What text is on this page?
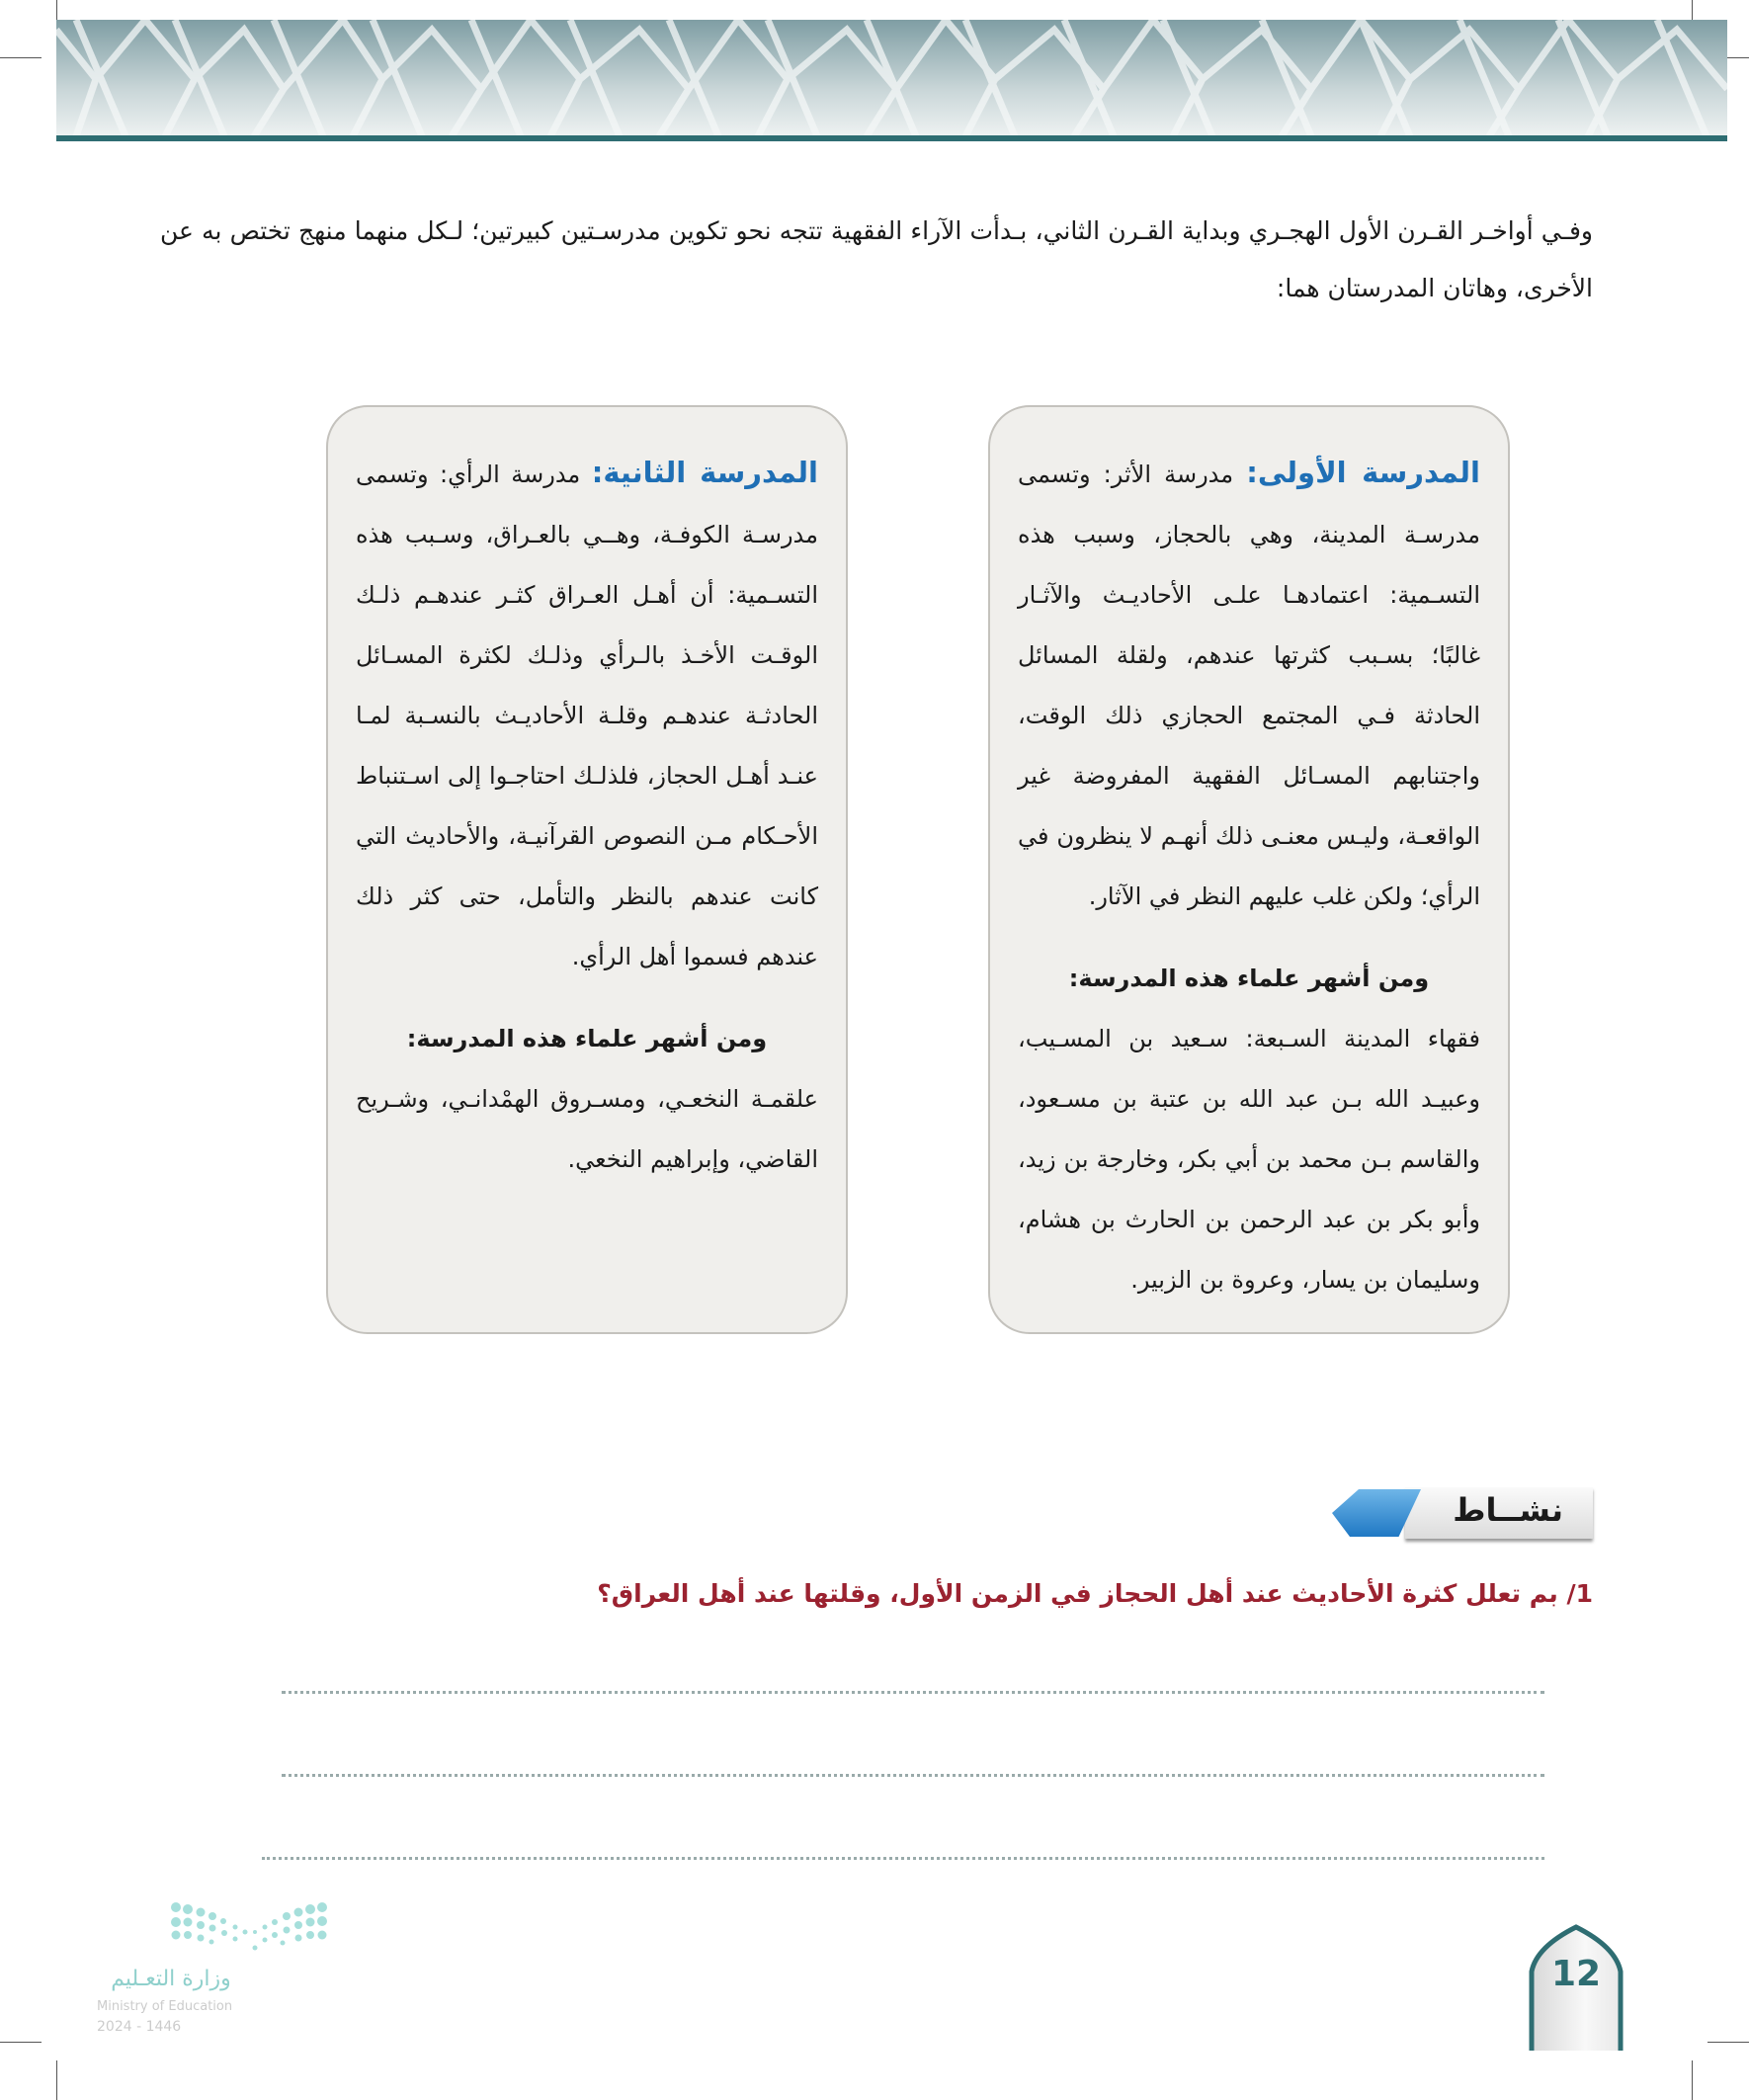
وفـي أواخـر القـرن الأول الهجـري وبداية القـرن الثاني، بـدأت الآراء الفقهية تتجه نحو تكوين مدرسـتين كبيرتين؛ لـكل منهما منهج تختص به عن الأخرى، وهاتان المدرستان هما:

المدرسة الأولى: مدرسة الأثر: وتسمى مدرسـة المدينة، وهي بالحجاز، وسبب هذه التسـمية: اعتمادهـا علـى الأحاديـث والآثـار غالبًا؛ بسـبب كثرتها عندهم، ولقلة المسائل الحادثة فـي المجتمع الحجازي ذلك الوقت، واجتنابهم المسـائل الفقهية المفروضة غير الواقعـة، وليـس معنـى ذلك أنهـم لا ينظرون في الرأي؛ ولكن غلب عليهم النظر في الآثار.

ومن أشهر علماء هذه المدرسة:

فقهاء المدينة السـبعة: سـعيد بن المسـيب، وعبيـد الله بـن عبد الله بن عتبة بن مسـعود، والقاسم بـن محمد بن أبي بكر، وخارجة بن زيد، وأبو بكر بن عبد الرحمن بن الحارث بن هشام، وسليمان بن يسار، وعروة بن الزبير.

المدرسة الثانية: مدرسة الرأي: وتسمى مدرسـة الكوفـة، وهــي بالعـراق، وسـبب هذه التسـمية: أن أهـل العـراق كثـر عندهـم ذلـك الوقـت الأخـذ بالـرأي وذلـك لكثرة المسـائل الحادثـة عندهـم وقلـة الأحاديـث بالنسـبة لمـا عنـد أهـل الحجاز، فلذلـك احتاجـوا إلى اسـتنباط الأحـكام مـن النصوص القرآنيـة، والأحاديث التي كانت عندهم بالنظر والتأمل، حتى كثر ذلك عندهم فسموا أهل الرأي.

ومن أشهر علماء هذه المدرسة:

علقمـة النخعـي، ومسـروق الهمْدانـي، وشـريح القاضي، وإبراهيم النخعي.

نشــاط
1/ بم تعلل كثرة الأحاديث عند أهل الحجاز في الزمن الأول، وقلتها عند أهل العراق؟
وزارة التعـليم
Ministry of Education
2024 - 1446
12
